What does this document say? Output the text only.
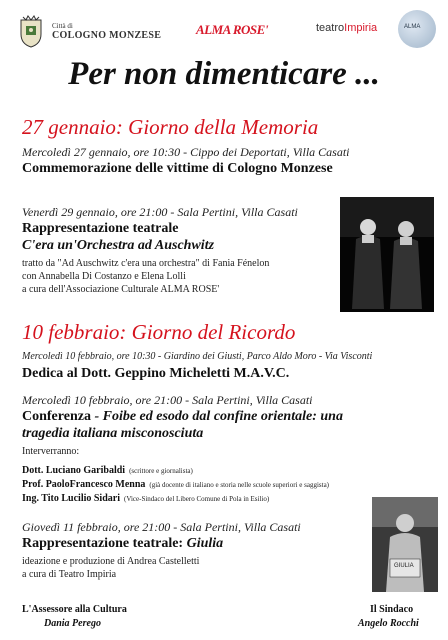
Città di
COLOGNO MONZESE	ALMA ROSE'	teatroImpiria	ALMA
Per non dimenticare ...
27 gennaio: Giorno della Memoria
Mercoledì 27 gennaio, ore 10:30 - Cippo dei Deportati, Villa Casati
Commemorazione delle vittime di Cologno Monzese
Venerdì 29 gennaio, ore 21:00 - Sala Pertini, Villa Casati
Rappresentazione teatrale
C'era un'Orchestra ad Auschwitz
tratto da "Ad Auschwitz c'era una orchestra" di Fania Fénelon
con Annabella Di Costanzo e Elena Lolli
a cura dell'Associazione Culturale ALMA ROSE'
10 febbraio: Giorno del Ricordo
Mercoledì 10 febbraio, ore 10:30 - Giardino dei Giusti, Parco Aldo Moro - Via Visconti
Dedica al Dott. Geppino Micheletti M.A.V.C.
Mercoledì 10 febbraio, ore 21:00 - Sala Pertini, Villa Casati
Conferenza - Foibe ed esodo dal confine orientale: una
tragedia italiana misconosciuta
Interverranno:
Dott. Luciano Garibaldi (scrittore e giornalista)
Prof. PaoloFrancesco Menna (già docente di italiano e storia nelle scuole superiori e saggista)
Ing. Tito Lucilio Sidari (Vice-Sindaco del Libero Comune di Pola in Esilio)
Giovedì 11 febbraio, ore 21:00 - Sala Pertini, Villa Casati
Rappresentazione teatrale: Giulia
ideazione e produzione di Andrea Castelletti
a cura di Teatro Impiria
GIULIA
L'Assessore alla Cultura
Dania Perego
Il Sindaco
Angelo Rocchi
